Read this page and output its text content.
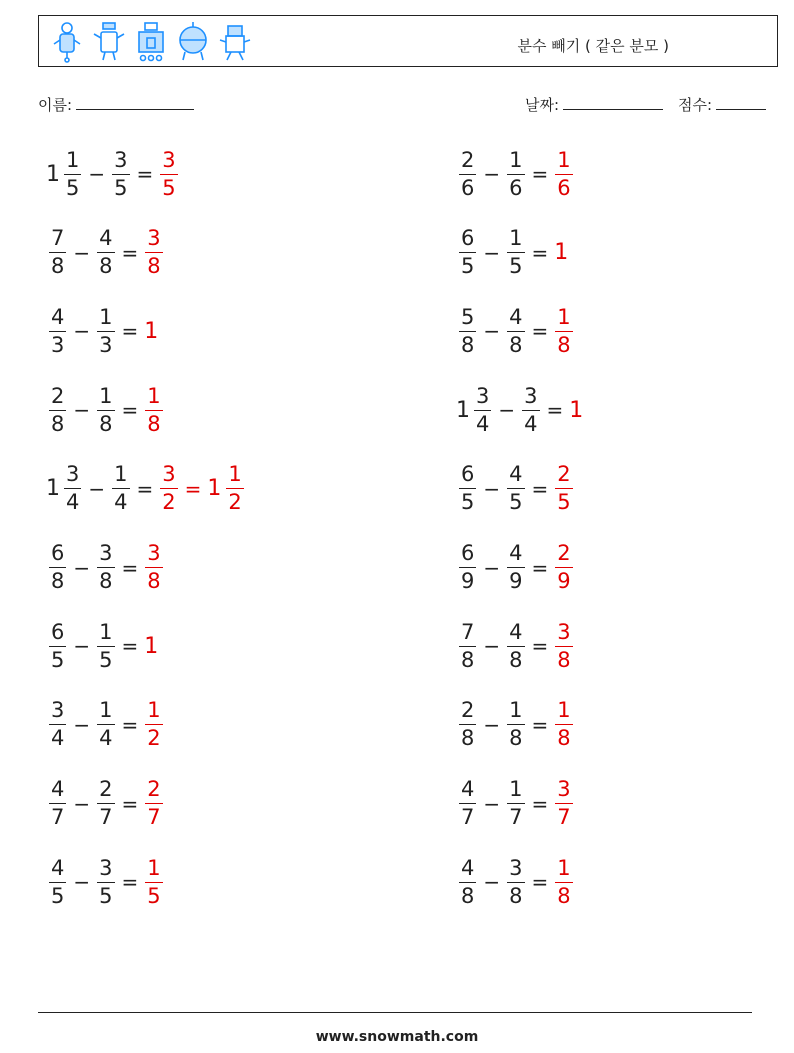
분수 빼기 ( 같은 분모 )
이름:	날짜:	점수:
$1 \frac{1}{5} - \frac{3}{5} = \frac{3}{5}$	$\frac{2}{6} - \frac{1}{6} = \frac{1}{6}$
$\frac{7}{8} - \frac{4}{8} = \frac{3}{8}$	$\frac{6}{5} - \frac{1}{5} = 1$
$\frac{4}{3} - \frac{1}{3} = 1$	$\frac{5}{8} - \frac{4}{8} = \frac{1}{8}$
$\frac{2}{8} - \frac{1}{8} = \frac{1}{8}$	$1 \frac{3}{4} - \frac{3}{4} = 1$
$1 \frac{3}{4} - \frac{1}{4} = \frac{3}{2} = 1 \frac{1}{2}$	$\frac{6}{5} - \frac{4}{5} = \frac{2}{5}$
$\frac{6}{8} - \frac{3}{8} = \frac{3}{8}$	$\frac{6}{9} - \frac{4}{9} = \frac{2}{9}$
$\frac{6}{5} - \frac{1}{5} = 1$	$\frac{7}{8} - \frac{4}{8} = \frac{3}{8}$
$\frac{3}{4} - \frac{1}{4} = \frac{1}{2}$	$\frac{2}{8} - \frac{1}{8} = \frac{1}{8}$
$\frac{4}{7} - \frac{2}{7} = \frac{2}{7}$	$\frac{4}{7} - \frac{1}{7} = \frac{3}{7}$
$\frac{4}{5} - \frac{3}{5} = \frac{1}{5}$	$\frac{4}{8} - \frac{3}{8} = \frac{1}{8}$
www.snowmath.com
